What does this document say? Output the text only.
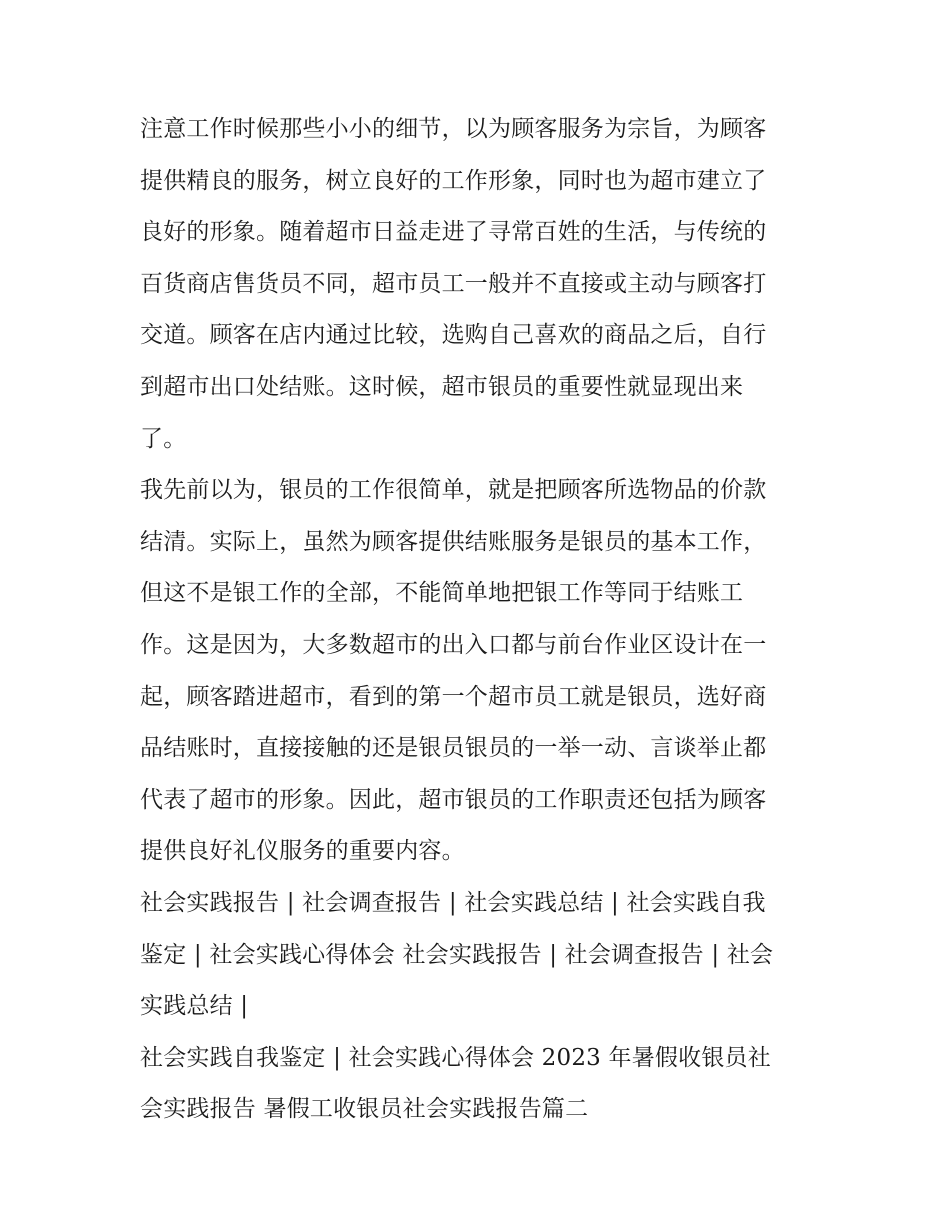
注意工作时候那些小小的细节，以为顾客服务为宗旨，为顾客
提供精良的服务，树立良好的工作形象，同时也为超市建立了
良好的形象。随着超市日益走进了寻常百姓的生活，与传统的
百货商店售货员不同，超市员工一般并不直接或主动与顾客打
交道。顾客在店内通过比较，选购自己喜欢的商品之后，自行
到超市出口处结账。这时候，超市银员的重要性就显现出来
了。
我先前以为，银员的工作很简单，就是把顾客所选物品的价款
结清。实际上，虽然为顾客提供结账服务是银员的基本工作，
但这不是银工作的全部，不能简单地把银工作等同于结账工
作。这是因为，大多数超市的出入口都与前台作业区设计在一
起，顾客踏进超市，看到的第一个超市员工就是银员，选好商
品结账时，直接接触的还是银员银员的一举一动、言谈举止都
代表了超市的形象。因此，超市银员的工作职责还包括为顾客
提供良好礼仪服务的重要内容。
社会实践报告 | 社会调查报告 | 社会实践总结 | 社会实践自我
鉴定 | 社会实践心得体会 社会实践报告 | 社会调查报告 | 社会
实践总结 |
社会实践自我鉴定 | 社会实践心得体会 2023 年暑假收银员社
会实践报告 暑假工收银员社会实践报告篇二
